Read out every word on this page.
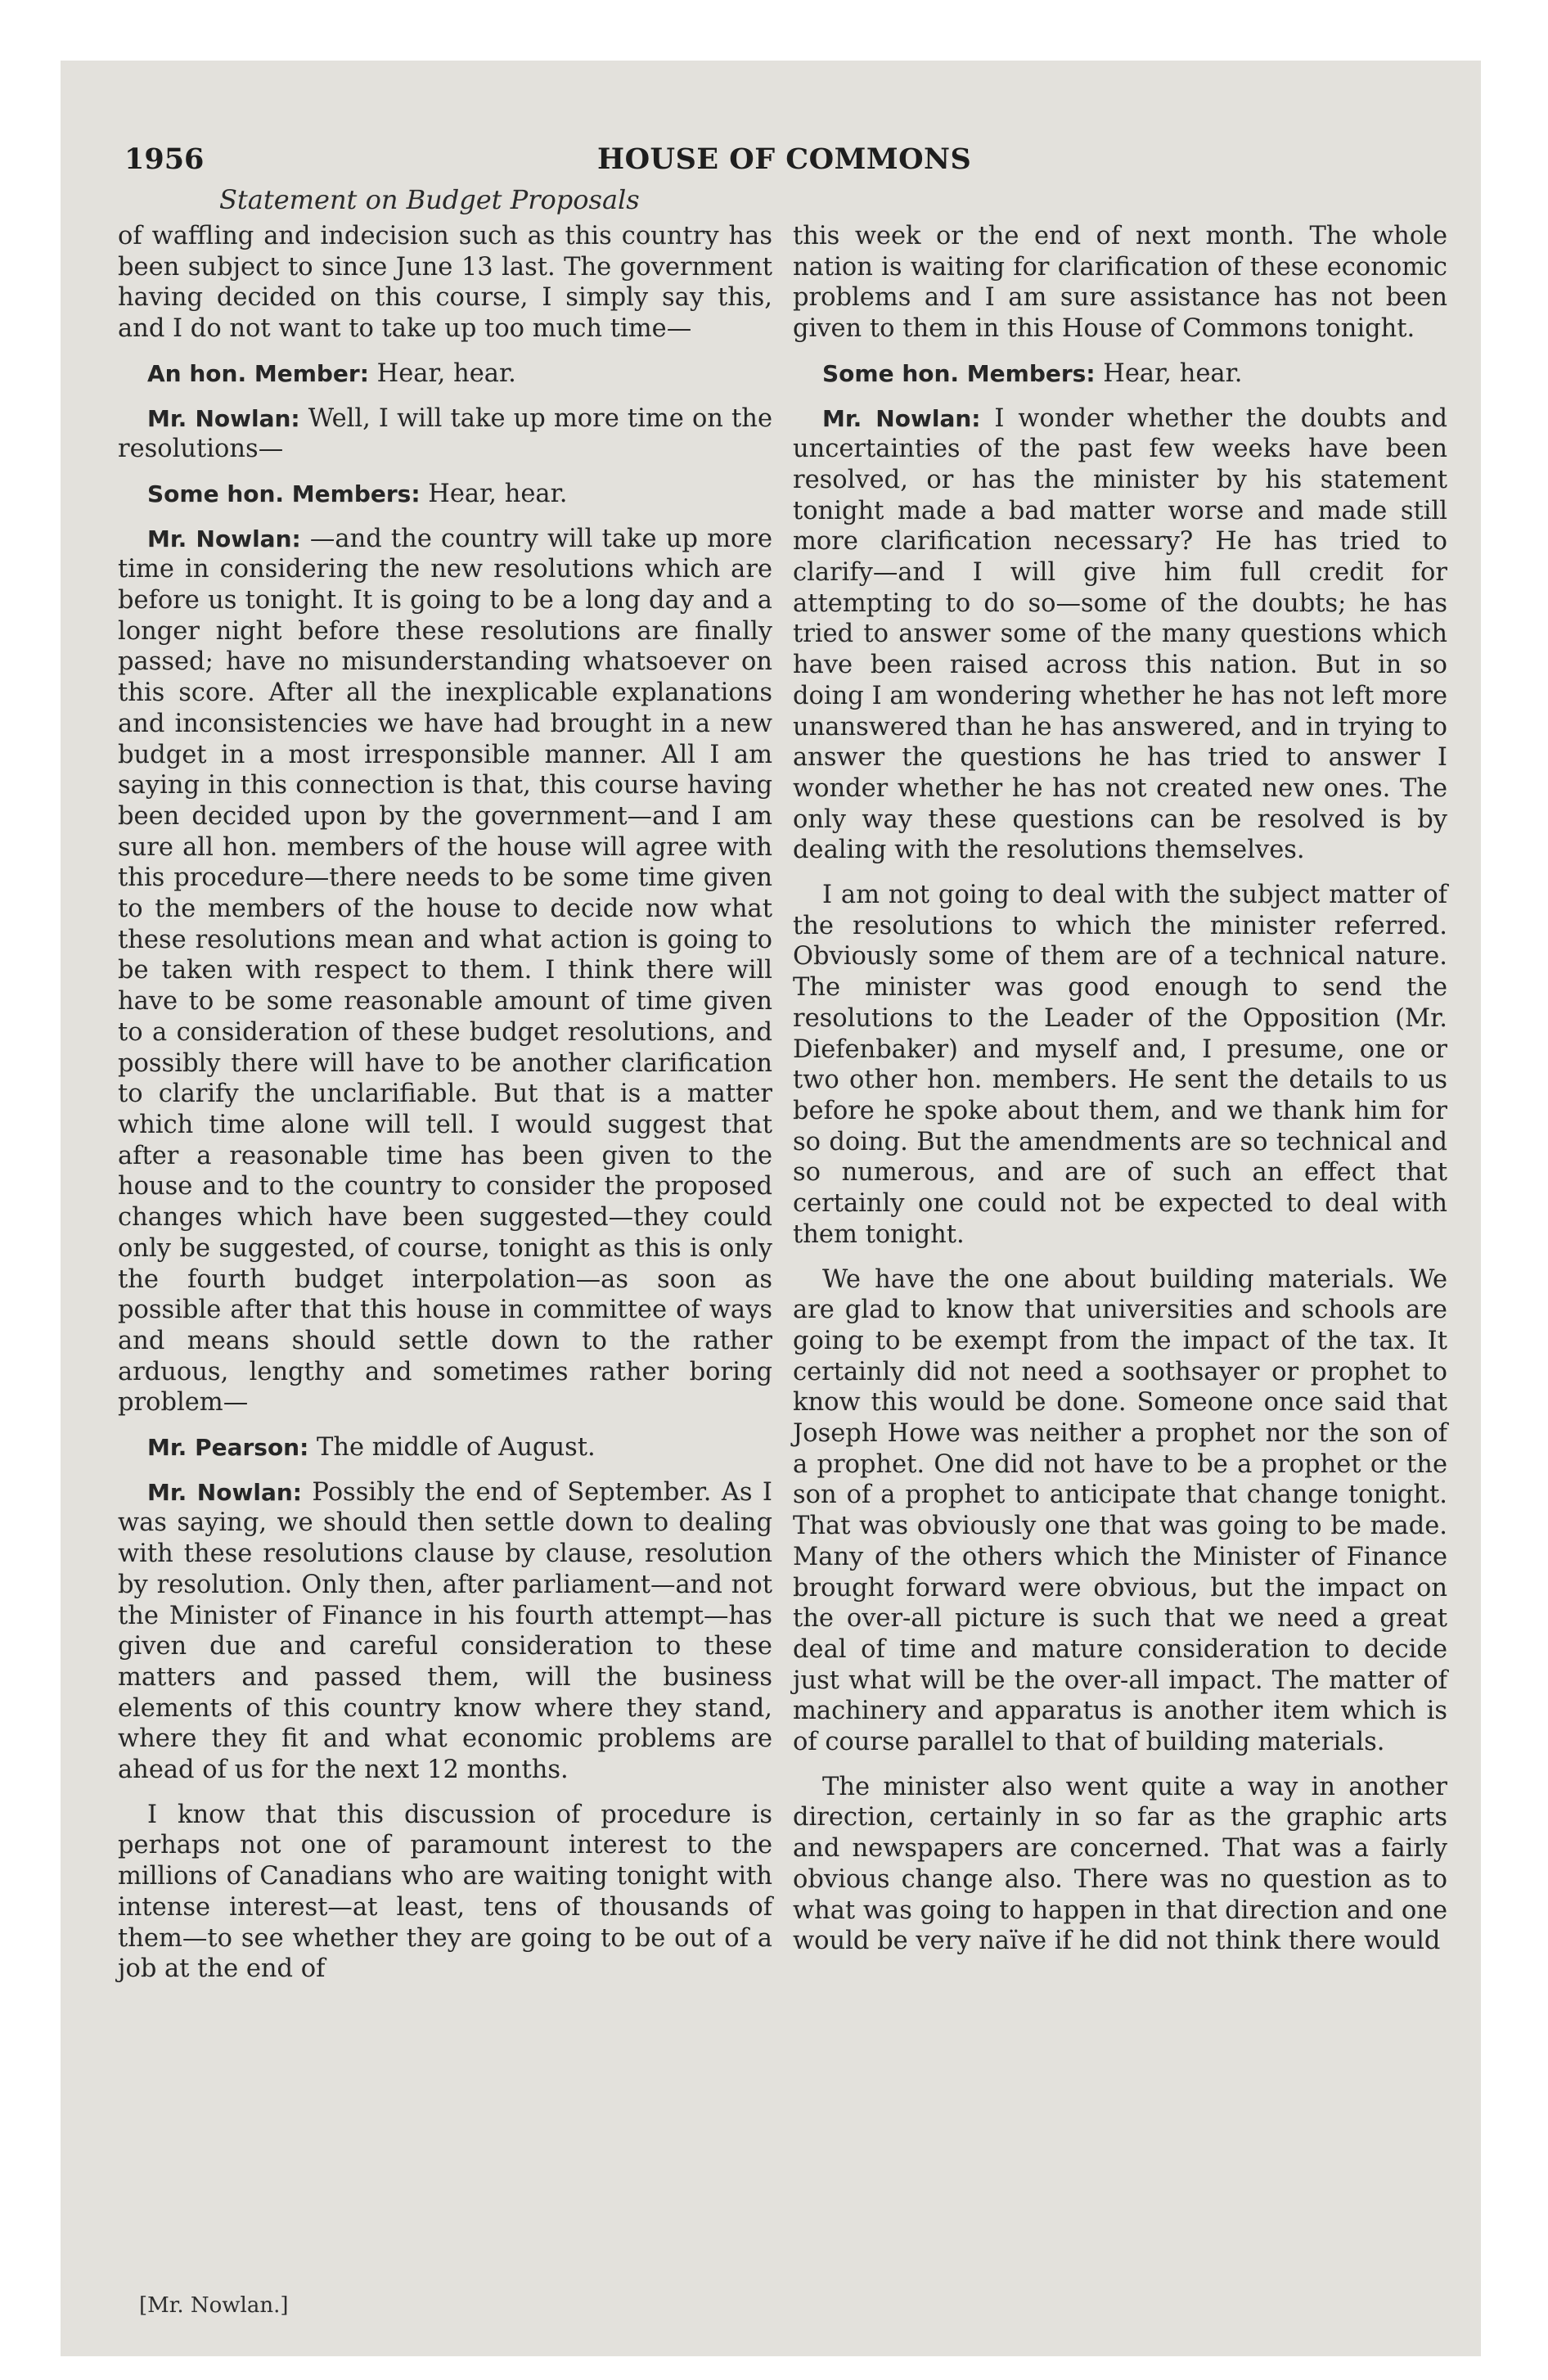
1956	HOUSE OF COMMONS
Statement on Budget Proposals

of waffling and indecision such as this country has been subject to since June 13 last. The government having decided on this course, I simply say this, and I do not want to take up too much time—

An hon. Member: Hear, hear.

Mr. Nowlan: Well, I will take up more time on the resolutions—

Some hon. Members: Hear, hear.

Mr. Nowlan: —and the country will take up more time in considering the new resolutions which are before us tonight. It is going to be a long day and a longer night before these resolutions are finally passed; have no misunderstanding whatsoever on this score. After all the inexplicable explanations and inconsistencies we have had brought in a new budget in a most irresponsible manner. All I am saying in this connection is that, this course having been decided upon by the government—and I am sure all hon. members of the house will agree with this procedure—there needs to be some time given to the members of the house to decide now what these resolutions mean and what action is going to be taken with respect to them. I think there will have to be some reasonable amount of time given to a consideration of these budget resolutions, and possibly there will have to be another clarification to clarify the unclarifiable. But that is a matter which time alone will tell. I would suggest that after a reasonable time has been given to the house and to the country to consider the proposed changes which have been suggested—they could only be suggested, of course, tonight as this is only the fourth budget interpolation—as soon as possible after that this house in committee of ways and means should settle down to the rather arduous, lengthy and sometimes rather boring problem—

Mr. Pearson: The middle of August.

Mr. Nowlan: Possibly the end of September. As I was saying, we should then settle down to dealing with these resolutions clause by clause, resolution by resolution. Only then, after parliament—and not the Minister of Finance in his fourth attempt—has given due and careful consideration to these matters and passed them, will the business elements of this country know where they stand, where they fit and what economic problems are ahead of us for the next 12 months.

I know that this discussion of procedure is perhaps not one of paramount interest to the millions of Canadians who are waiting tonight with intense interest—at least, tens of thousands of them—to see whether they are going to be out of a job at the end of

this week or the end of next month. The whole nation is waiting for clarification of these economic problems and I am sure assistance has not been given to them in this House of Commons tonight.

Some hon. Members: Hear, hear.

Mr. Nowlan: I wonder whether the doubts and uncertainties of the past few weeks have been resolved, or has the minister by his statement tonight made a bad matter worse and made still more clarification necessary? He has tried to clarify—and I will give him full credit for attempting to do so—some of the doubts; he has tried to answer some of the many questions which have been raised across this nation. But in so doing I am wondering whether he has not left more unanswered than he has answered, and in trying to answer the questions he has tried to answer I wonder whether he has not created new ones. The only way these questions can be resolved is by dealing with the resolutions themselves.

I am not going to deal with the subject matter of the resolutions to which the minister referred. Obviously some of them are of a technical nature. The minister was good enough to send the resolutions to the Leader of the Opposition (Mr. Diefenbaker) and myself and, I presume, one or two other hon. members. He sent the details to us before he spoke about them, and we thank him for so doing. But the amendments are so technical and so numerous, and are of such an effect that certainly one could not be expected to deal with them tonight.

We have the one about building materials. We are glad to know that universities and schools are going to be exempt from the impact of the tax. It certainly did not need a soothsayer or prophet to know this would be done. Someone once said that Joseph Howe was neither a prophet nor the son of a prophet. One did not have to be a prophet or the son of a prophet to anticipate that change tonight. That was obviously one that was going to be made. Many of the others which the Minister of Finance brought forward were obvious, but the impact on the over-all picture is such that we need a great deal of time and mature consideration to decide just what will be the over-all impact. The matter of machinery and apparatus is another item which is of course parallel to that of building materials.

The minister also went quite a way in another direction, certainly in so far as the graphic arts and newspapers are concerned. That was a fairly obvious change also. There was no question as to what was going to happen in that direction and one would be very naïve if he did not think there would

[Mr. Nowlan.]
